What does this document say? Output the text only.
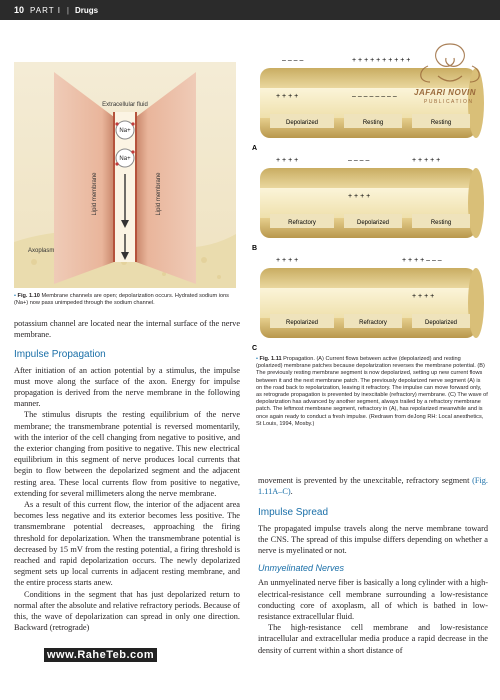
10 PART I | Drugs
Na+
Na+
Extracellular fluid
Lipid membrane	Lipid membrane
Axoplasm
• Fig. 1.10 Membrane channels are open; depolarization occurs. Hydrated sodium ions (Na+) now pass unimpeded through the sodium channel.
Depolarized	Resting	Resting
– – – –	+ + + + + + + + + +
+ + + +	– – – – – – – –
A
Refractory	Depolarized	Resting
+ + + +	– – – –	+ + + + +
+ + + +
B
Repolarized	Refractory	Depolarized
+ + + +	+ + + + – – –
+ + + +
C
JAFARI NOVIN
PUBLICATION
• Fig. 1.11 Propagation. (A) Current flows between active (depolarized) and resting (polarized) membrane patches because depolarization reverses the membrane potential. (B) The previously resting membrane segment is now depolarized, setting up new current flows between it and the next membrane patch. The previously depolarized nerve segment (A) is on the road back to repolarization, leaving it refractory. The impulse can move forward only, as retrograde propagation is prevented by inexcitable (refractory) membrane. (C) The wave of depolarization has advanced by another segment, always trailed by a refractory membrane patch. The leftmost membrane segment, refractory in (A), has repolarized meanwhile and is once again ready to conduct a fresh impulse. (Redrawn from deJong RH: Local anesthetics, St Louis, 1994, Mosby.)

potassium channel are located near the internal surface of the nerve membrane.

Impulse Propagation

After initiation of an action potential by a stimulus, the impulse must move along the surface of the axon. Energy for impulse propagation is derived from the nerve membrane in the following manner.

The stimulus disrupts the resting equilibrium of the nerve membrane; the transmembrane potential is reversed momentarily, with the interior of the cell changing from negative to positive, and the exterior changing from positive to negative. This new electrical equilibrium in this segment of nerve produces local currents that begin to flow between the depolarized segment and the adjacent resting area. These local currents flow from positive to negative, extending for several millimeters along the nerve membrane.

As a result of this current flow, the interior of the adjacent area becomes less negative and its exterior becomes less positive. The transmembrane potential decreases, approaching the firing threshold for depolarization. When the transmembrane potential is decreased by 15 mV from the resting potential, a firing threshold is reached and rapid depolarization occurs. The newly depolarized segment sets up local currents in adjacent resting membrane, and the entire process starts anew.

Conditions in the segment that has just depolarized return to normal after the absolute and relative refractory periods. Because of this, the wave of depolarization can spread in only one direction. Backward (retrograde)

movement is prevented by the unexcitable, refractory segment (Fig. 1.11A–C).

Impulse Spread

The propagated impulse travels along the nerve membrane toward the CNS. The spread of this impulse differs depending on whether a nerve is myelinated or not.

Unmyelinated Nerves

An unmyelinated nerve fiber is basically a long cylinder with a high-electrical-resistance cell membrane surrounding a low-resistance conducting core of axoplasm, all of which is bathed in low-resistance extracellular fluid.

The high-resistance cell membrane and low-resistance intracellular and extracellular media produce a rapid decrease in the density of current within a short distance of

www.RaheTeb.com
